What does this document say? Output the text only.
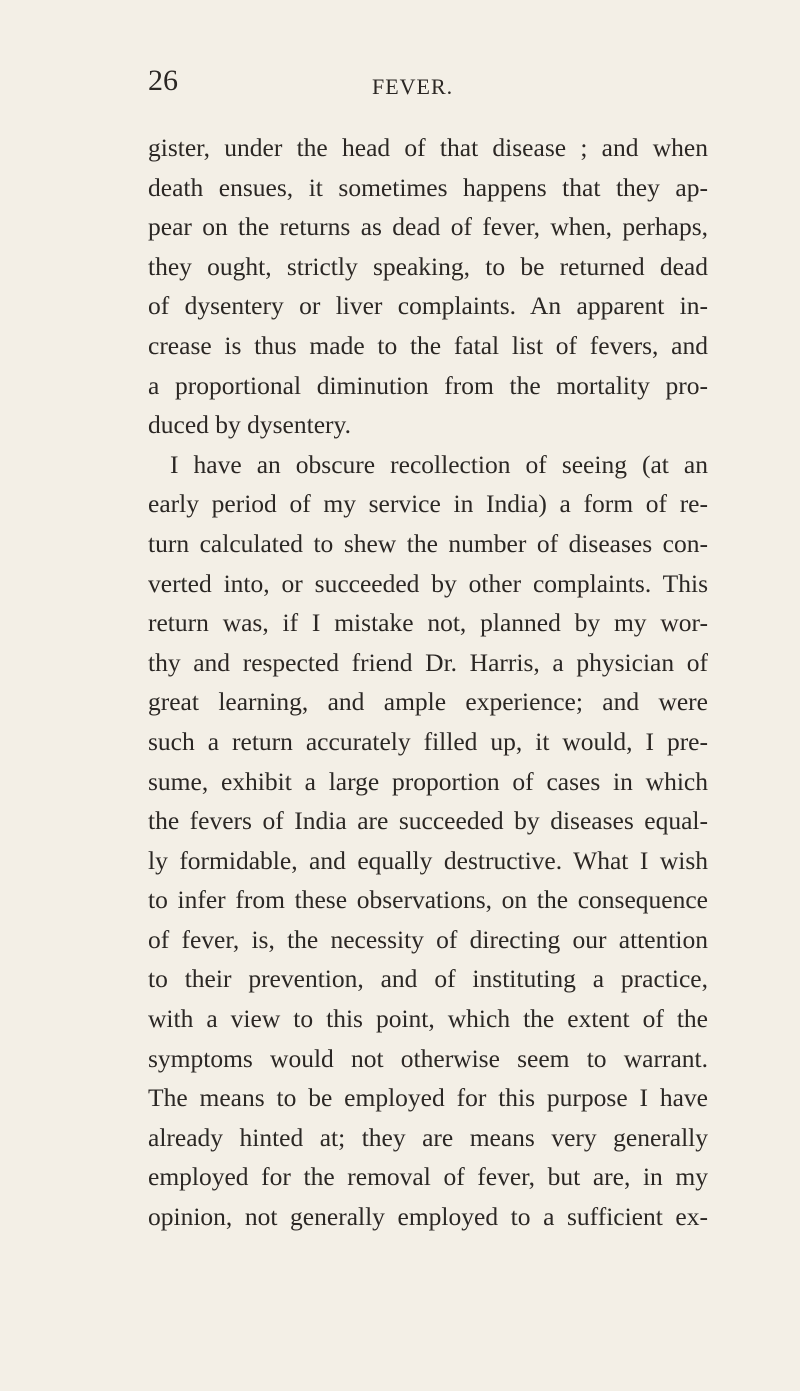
26	FEVER.
gister, under the head of that disease ; and when
death ensues, it sometimes happens that they ap-
pear on the returns as dead of fever, when, perhaps,
they ought, strictly speaking, to be returned dead
of dysentery or liver complaints. An apparent in-
crease is thus made to the fatal list of fevers, and
a proportional diminution from the mortality pro-
duced by dysentery.
I have an obscure recollection of seeing (at an
early period of my service in India) a form of re-
turn calculated to shew the number of diseases con-
verted into, or succeeded by other complaints. This
return was, if I mistake not, planned by my wor-
thy and respected friend Dr. Harris, a physician of
great learning, and ample experience; and were
such a return accurately filled up, it would, I pre-
sume, exhibit a large proportion of cases in which
the fevers of India are succeeded by diseases equal-
ly formidable, and equally destructive. What I wish
to infer from these observations, on the consequence
of fever, is, the necessity of directing our attention
to their prevention, and of instituting a practice,
with a view to this point, which the extent of the
symptoms would not otherwise seem to warrant.
The means to be employed for this purpose I have
already hinted at; they are means very generally
employed for the removal of fever, but are, in my
opinion, not generally employed to a sufficient ex-
